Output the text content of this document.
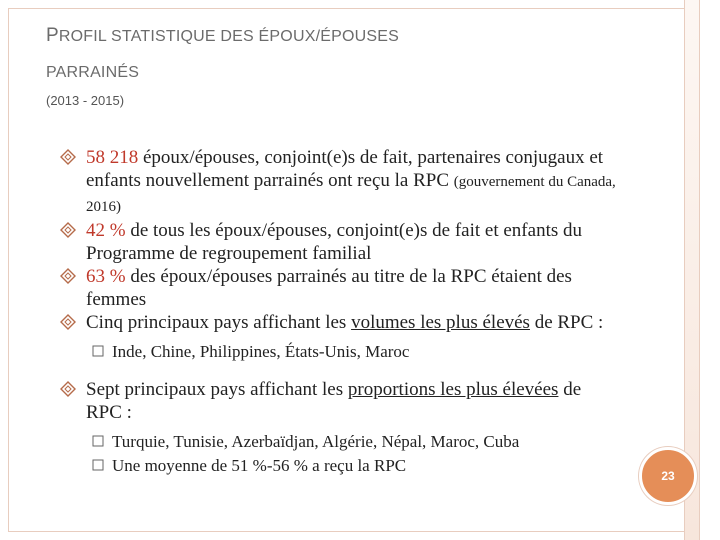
PROFIL STATISTIQUE DES ÉPOUX/ÉPOUSES
PARRAINÉS
(2013 - 2015)
58 218 époux/épouses, conjoint(e)s de fait, partenaires conjugaux et enfants nouvellement parrainés ont reçu la RPC (gouvernement du Canada, 2016)
42 % de tous les époux/épouses, conjoint(e)s de fait et enfants du Programme de regroupement familial
63 % des époux/épouses parrainés au titre de la RPC étaient des femmes
Cinq principaux pays affichant les volumes les plus élevés de RPC :
Inde, Chine, Philippines, États-Unis, Maroc
Sept principaux pays affichant les proportions les plus élevées de RPC :
Turquie, Tunisie, Azerbaïdjan, Algérie, Népal, Maroc, Cuba
Une moyenne de 51 %-56 % a reçu la RPC
23
